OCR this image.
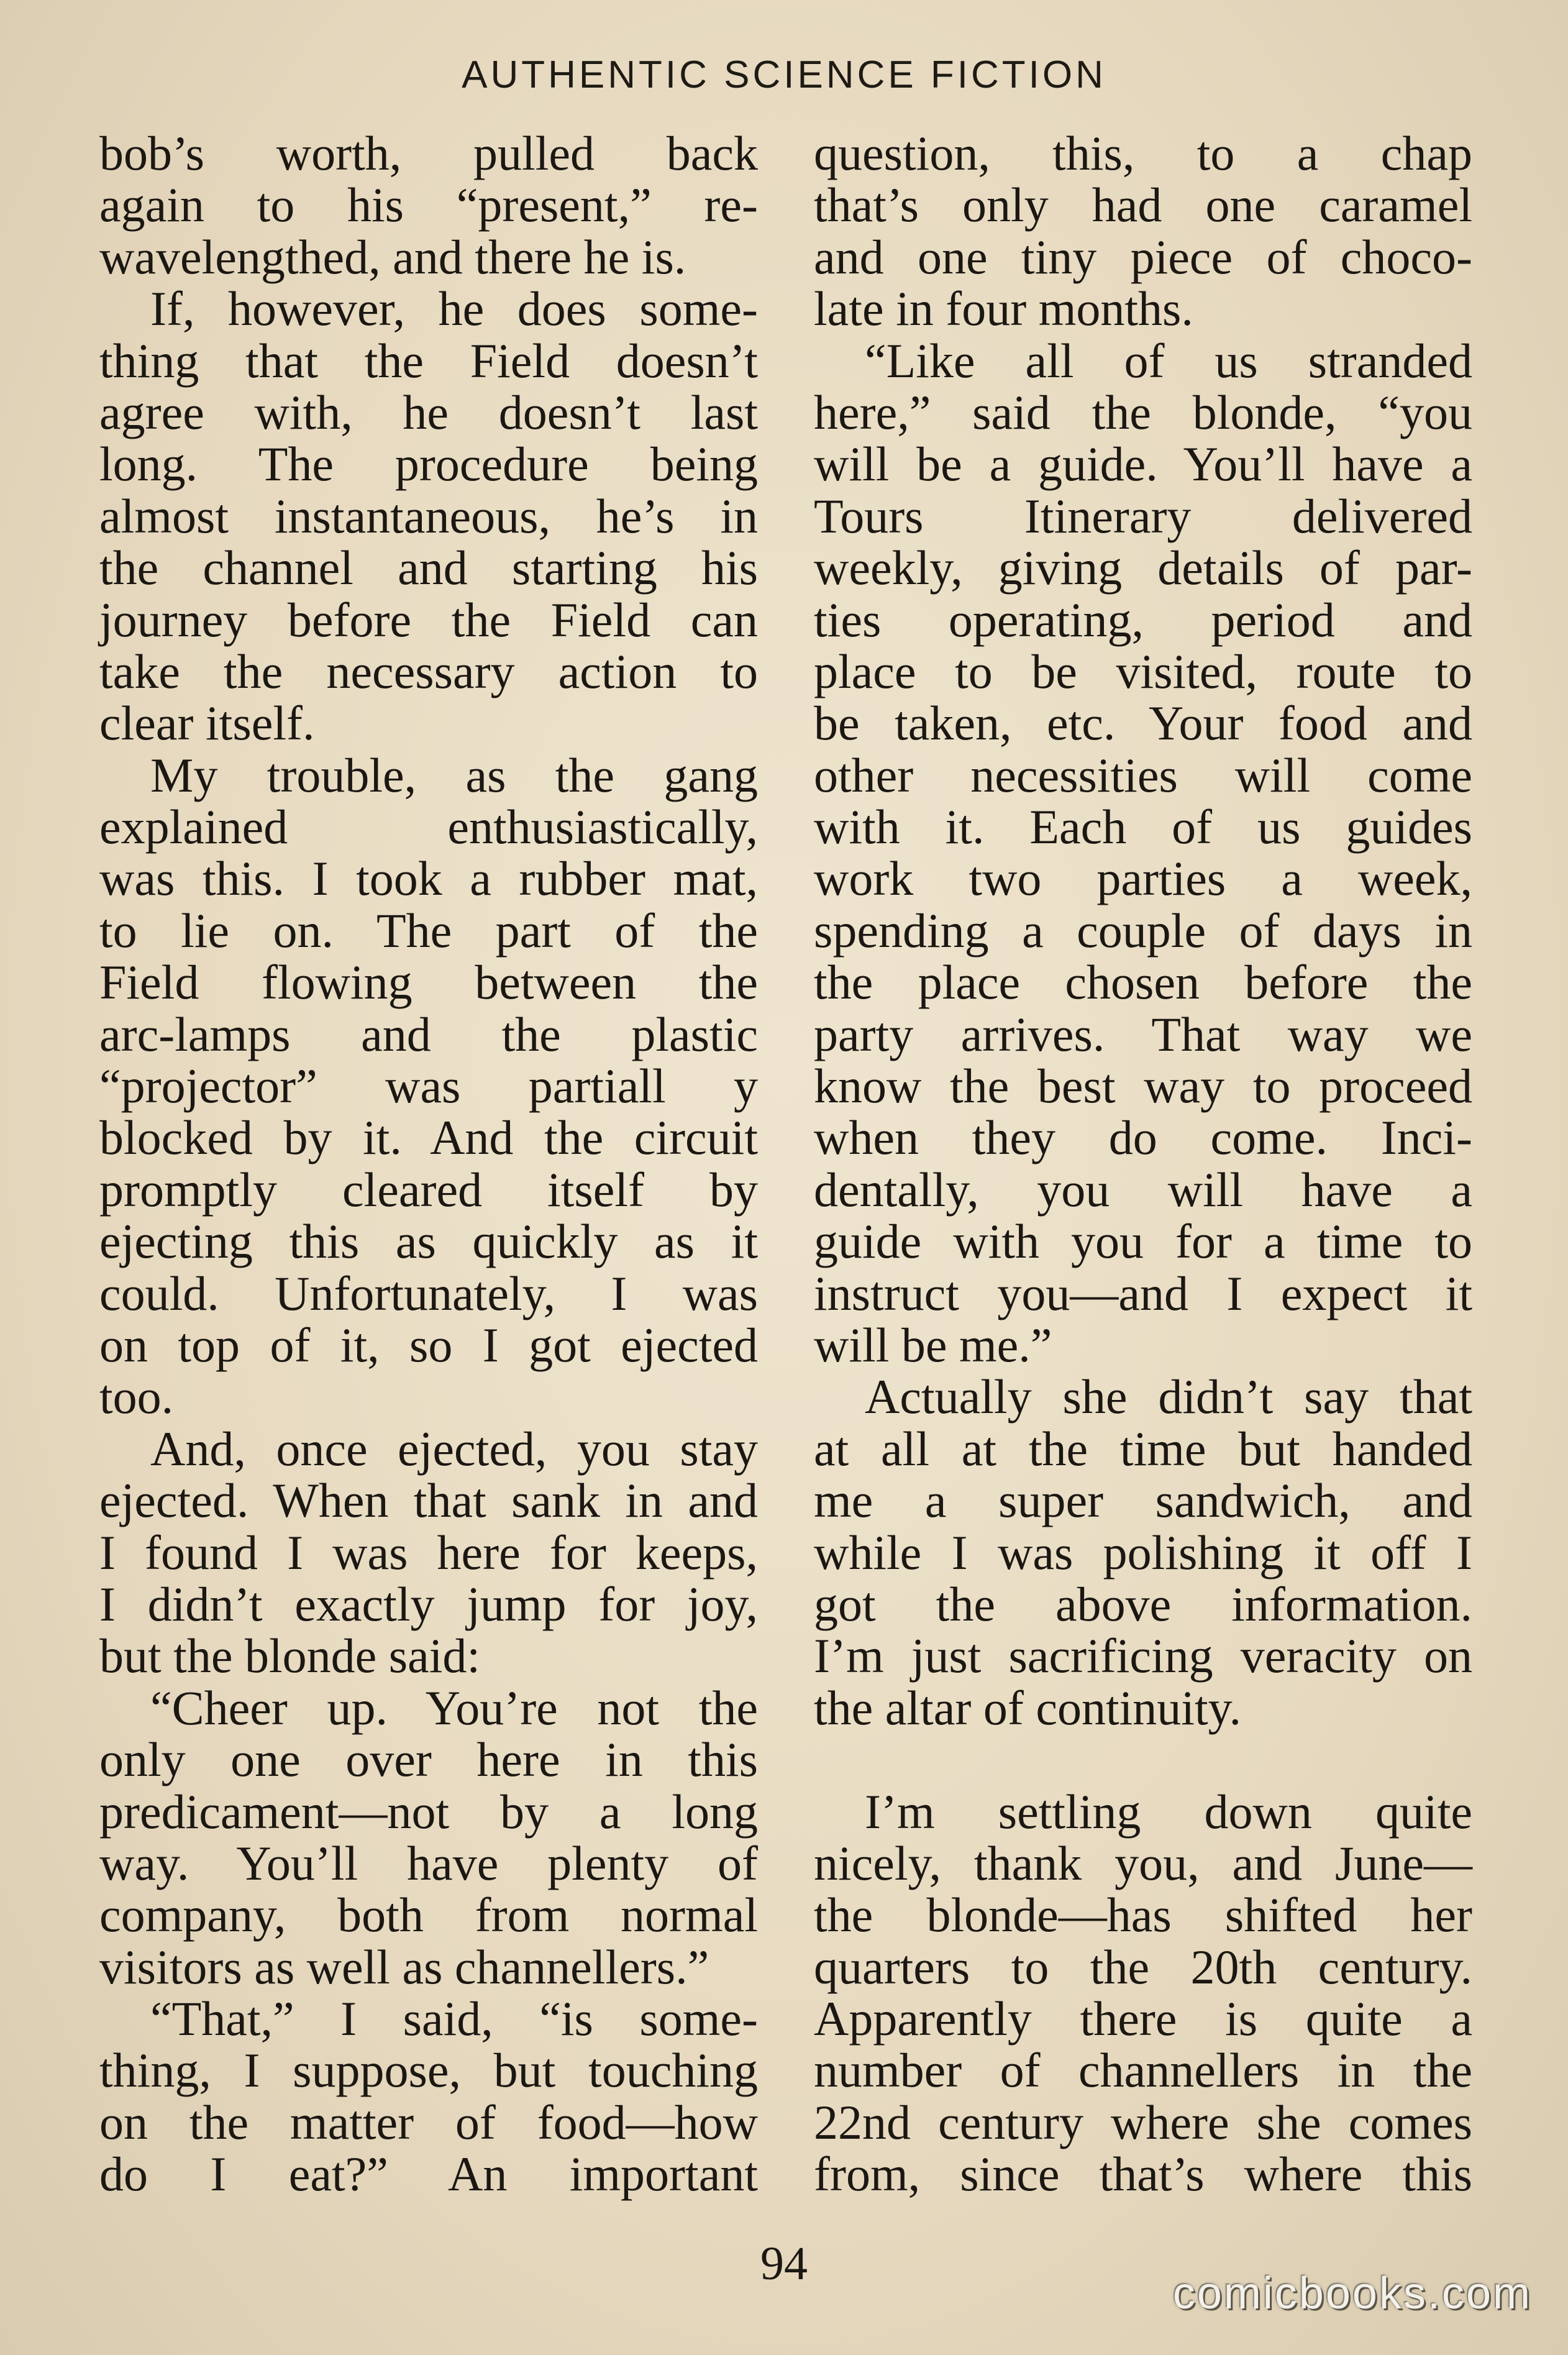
AUTHENTIC SCIENCE FICTION
bob’s worth, pulled back
again to his “present,” re-
wavelengthed, and there he is.
If, however, he does some-
thing that the Field doesn’t
agree with, he doesn’t last
long. The procedure being
almost instantaneous, he’s in
the channel and starting his
journey before the Field can
take the necessary action to
clear itself.
My trouble, as the gang
explained enthusiastically,
was this. I took a rubber mat,
to lie on. The part of the
Field flowing between the
arc-lamps and the plastic
“projector” was partiall y
blocked by it. And the circuit
promptly cleared itself by
ejecting this as quickly as it
could. Unfortunately, I was
on top of it, so I got ejected
too.
And, once ejected, you stay
ejected. When that sank in and
I found I was here for keeps,
I didn’t exactly jump for joy,
but the blonde said:
“Cheer up. You’re not the
only one over here in this
predicament—not by a long
way. You’ll have plenty of
company, both from normal
visitors as well as channellers.”
“That,” I said, “is some-
thing, I suppose, but touching
on the matter of food—how
do I eat?” An important
question, this, to a chap
that’s only had one caramel
and one tiny piece of choco-
late in four months.
“Like all of us stranded
here,” said the blonde, “you
will be a guide. You’ll have a
Tours Itinerary delivered
weekly, giving details of par-
ties operating, period and
place to be visited, route to
be taken, etc. Your food and
other necessities will come
with it. Each of us guides
work two parties a week,
spending a couple of days in
the place chosen before the
party arrives. That way we
know the best way to proceed
when they do come. Inci-
dentally, you will have a
guide with you for a time to
instruct you—and I expect it
will be me.”
Actually she didn’t say that
at all at the time but handed
me a super sandwich, and
while I was polishing it off I
got the above information.
I’m just sacrificing veracity on
the altar of continuity.
I’m settling down quite
nicely, thank you, and June—
the blonde—has shifted her
quarters to the 20th century.
Apparently there is quite a
number of channellers in the
22nd century where she comes
from, since that’s where this
94
comicbooks.com
